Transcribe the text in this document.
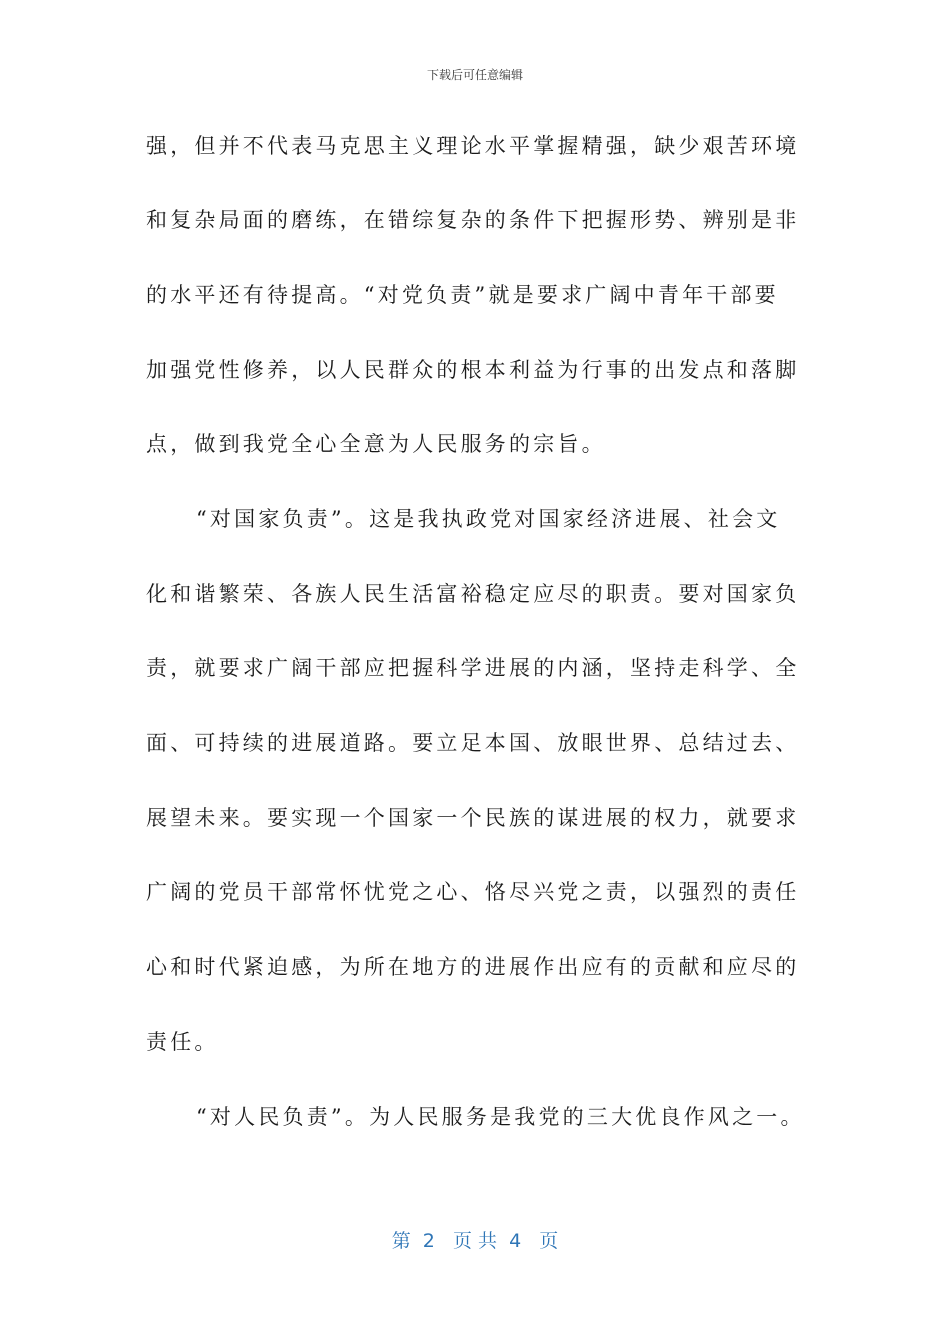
下载后可任意编辑
强，但并不代表马克思主义理论水平掌握精强，缺少艰苦环境
和复杂局面的磨练，在错综复杂的条件下把握形势、辨别是非
的水平还有待提高。“对党负责”就是要求广阔中青年干部要
加强党性修养，以人民群众的根本利益为行事的出发点和落脚
点，做到我党全心全意为人民服务的宗旨。
“对国家负责”。这是我执政党对国家经济进展、社会文
化和谐繁荣、各族人民生活富裕稳定应尽的职责。要对国家负
责，就要求广阔干部应把握科学进展的内涵，坚持走科学、全
面、可持续的进展道路。要立足本国、放眼世界、总结过去、
展望未来。要实现一个国家一个民族的谋进展的权力，就要求
广阔的党员干部常怀忧党之心、恪尽兴党之责，以强烈的责任
心和时代紧迫感，为所在地方的进展作出应有的贡献和应尽的
责任。
“对人民负责”。为人民服务是我党的三大优良作风之一。
第  2   页 共  4   页
